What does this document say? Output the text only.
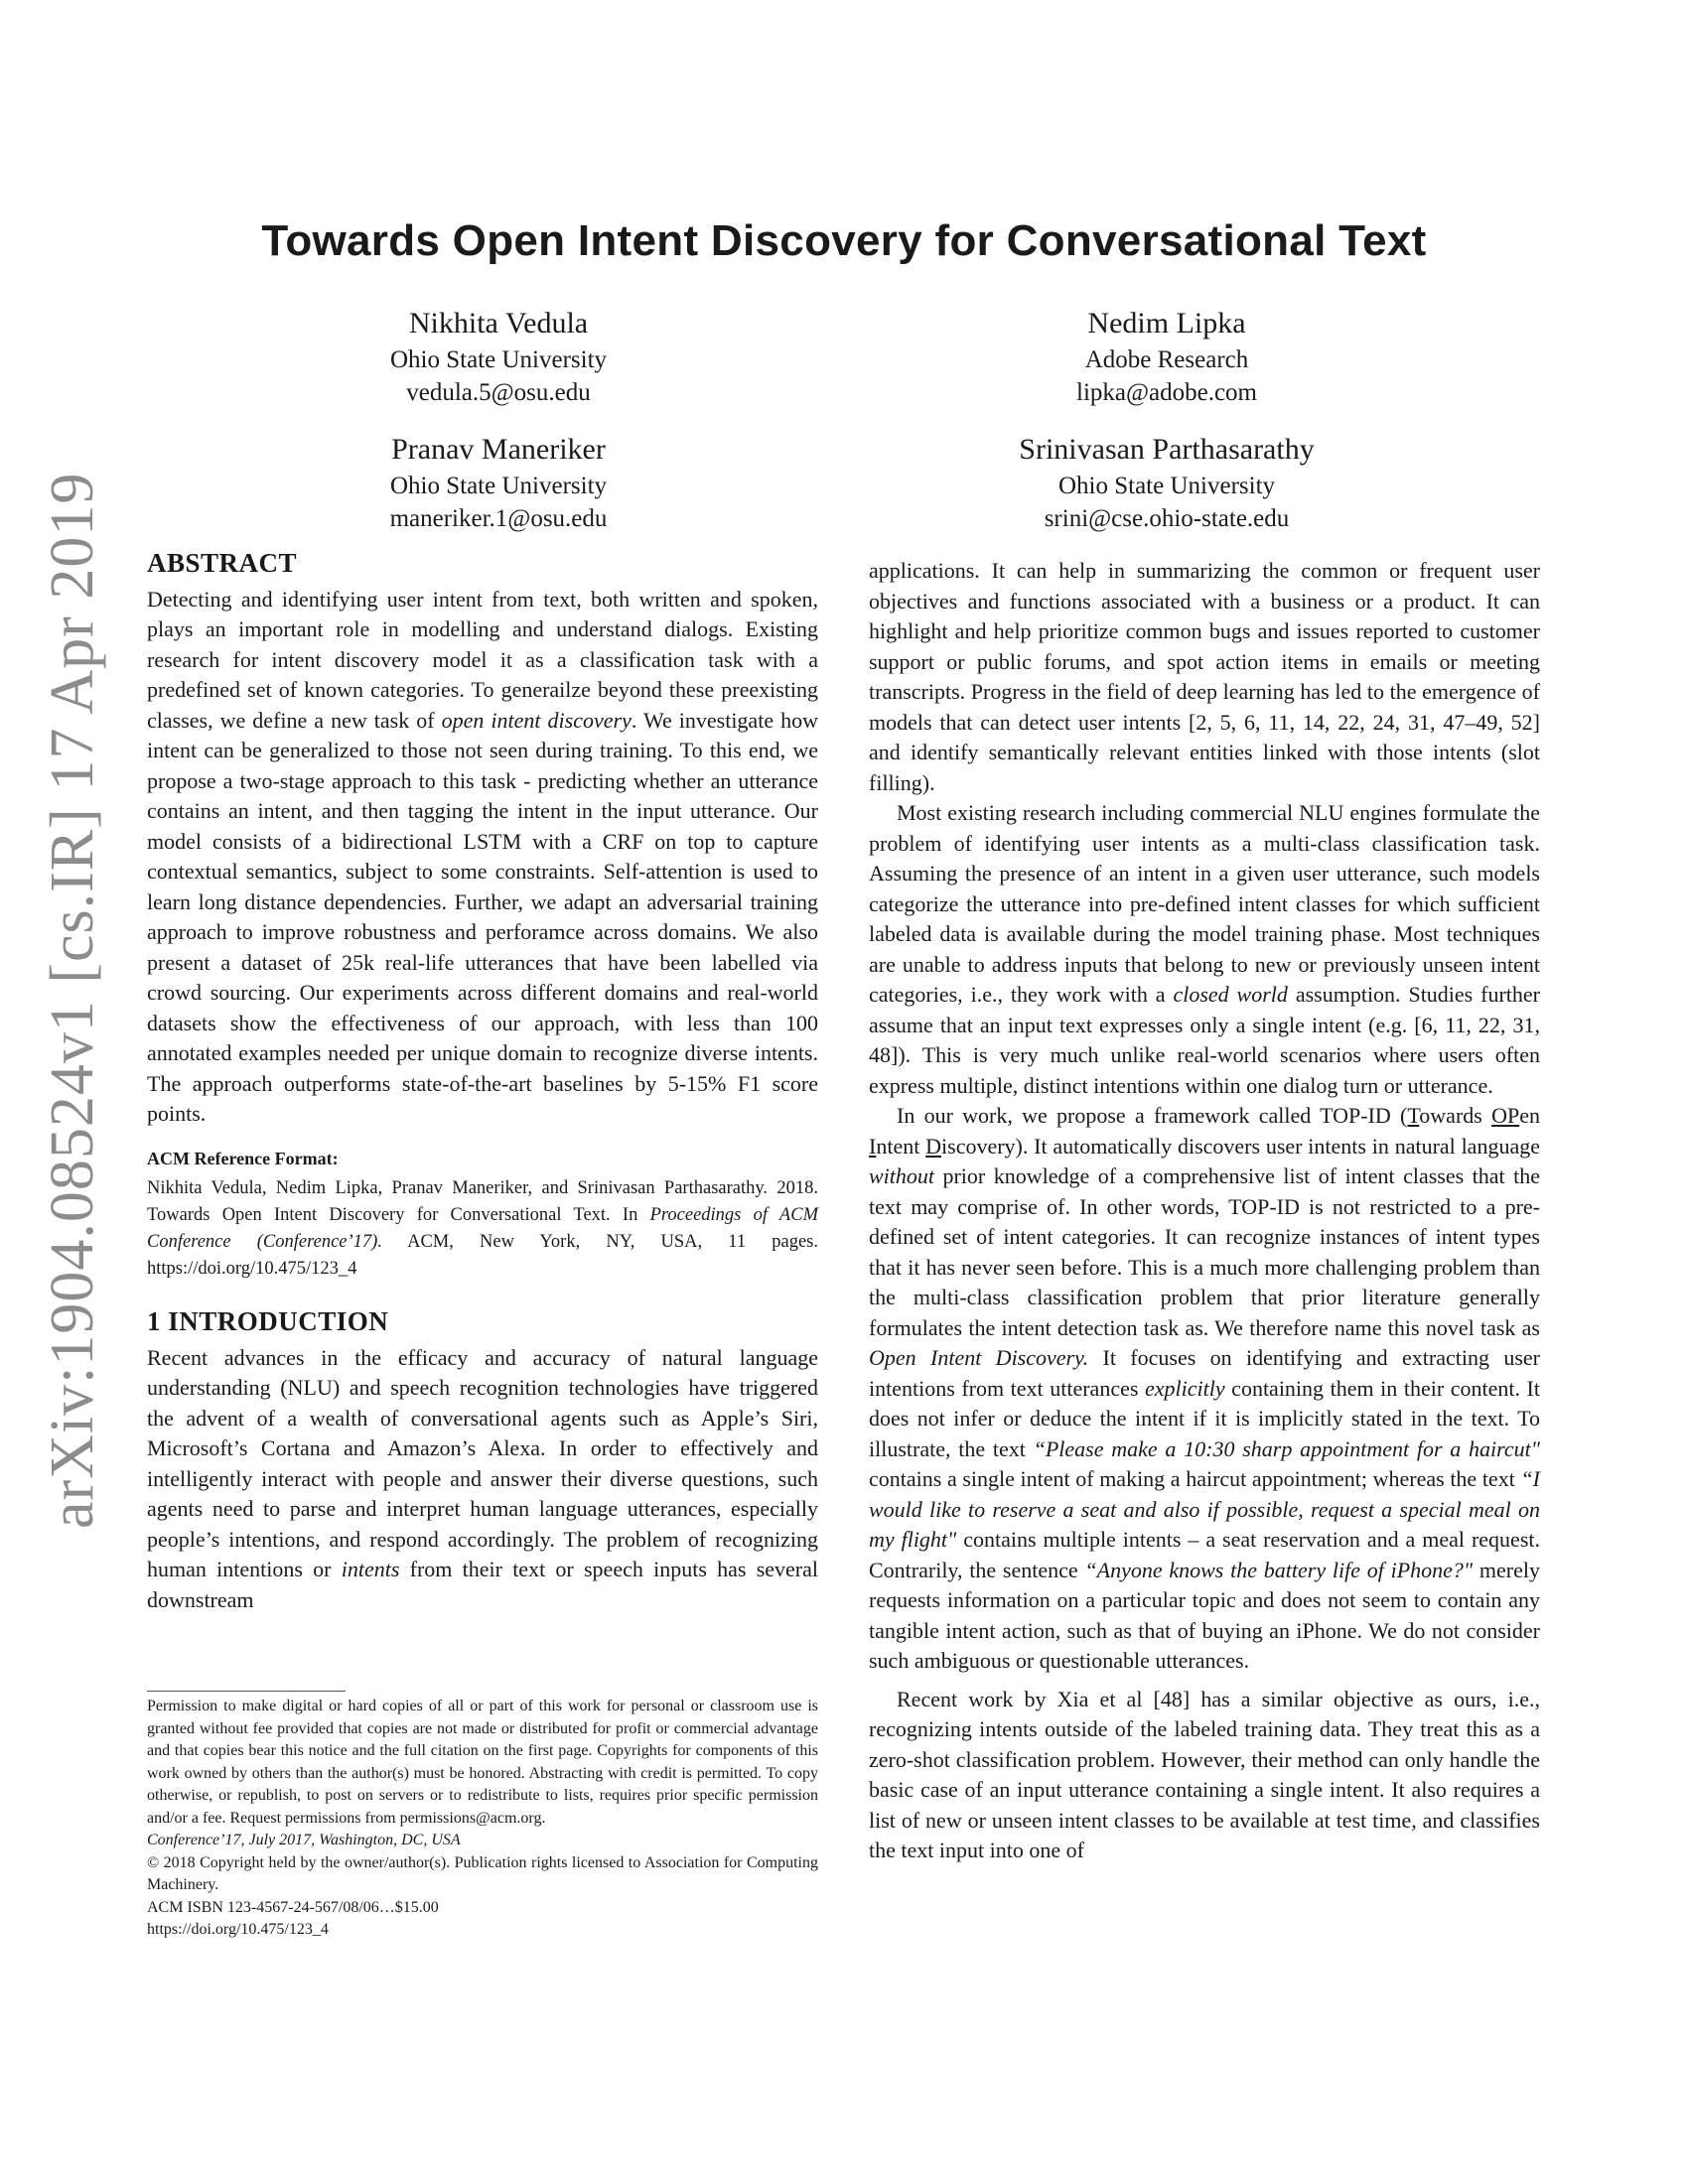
arXiv:1904.08524v1 [cs.IR] 17 Apr 2019
Towards Open Intent Discovery for Conversational Text
Nikhita Vedula
Ohio State University
vedula.5@osu.edu
Nedim Lipka
Adobe Research
lipka@adobe.com
Pranav Maneriker
Ohio State University
maneriker.1@osu.edu
Srinivasan Parthasarathy
Ohio State University
srini@cse.ohio-state.edu
ABSTRACT

Detecting and identifying user intent from text, both written and spoken, plays an important role in modelling and understand dialogs. Existing research for intent discovery model it as a classification task with a predefined set of known categories. To generailze beyond these preexisting classes, we define a new task of open intent discovery. We investigate how intent can be generalized to those not seen during training. To this end, we propose a two-stage approach to this task - predicting whether an utterance contains an intent, and then tagging the intent in the input utterance. Our model consists of a bidirectional LSTM with a CRF on top to capture contextual semantics, subject to some constraints. Self-attention is used to learn long distance dependencies. Further, we adapt an adversarial training approach to improve robustness and perforamce across domains. We also present a dataset of 25k real-life utterances that have been labelled via crowd sourcing. Our experiments across different domains and real-world datasets show the effectiveness of our approach, with less than 100 annotated examples needed per unique domain to recognize diverse intents. The approach outperforms state-of-the-art baselines by 5-15% F1 score points.

ACM Reference Format:
Nikhita Vedula, Nedim Lipka, Pranav Maneriker, and Srinivasan Parthasarathy. 2018. Towards Open Intent Discovery for Conversational Text. In Proceedings of ACM Conference (Conference’17). ACM, New York, NY, USA, 11 pages. https://doi.org/10.475/123_4
1 INTRODUCTION

Recent advances in the efficacy and accuracy of natural language understanding (NLU) and speech recognition technologies have triggered the advent of a wealth of conversational agents such as Apple’s Siri, Microsoft’s Cortana and Amazon’s Alexa. In order to effectively and intelligently interact with people and answer their diverse questions, such agents need to parse and interpret human language utterances, especially people’s intentions, and respond accordingly. The problem of recognizing human intentions or intents from their text or speech inputs has several downstream

Permission to make digital or hard copies of all or part of this work for personal or classroom use is granted without fee provided that copies are not made or distributed for profit or commercial advantage and that copies bear this notice and the full citation on the first page. Copyrights for components of this work owned by others than the author(s) must be honored. Abstracting with credit is permitted. To copy otherwise, or republish, to post on servers or to redistribute to lists, requires prior specific permission and/or a fee. Request permissions from permissions@acm.org.
Conference’17, July 2017, Washington, DC, USA
© 2018 Copyright held by the owner/author(s). Publication rights licensed to Association for Computing Machinery.
ACM ISBN 123-4567-24-567/08/06…$15.00
https://doi.org/10.475/123_4

applications. It can help in summarizing the common or frequent user objectives and functions associated with a business or a product. It can highlight and help prioritize common bugs and issues reported to customer support or public forums, and spot action items in emails or meeting transcripts. Progress in the field of deep learning has led to the emergence of models that can detect user intents [2, 5, 6, 11, 14, 22, 24, 31, 47–49, 52] and identify semantically relevant entities linked with those intents (slot filling).

Most existing research including commercial NLU engines formulate the problem of identifying user intents as a multi-class classification task. Assuming the presence of an intent in a given user utterance, such models categorize the utterance into pre-defined intent classes for which sufficient labeled data is available during the model training phase. Most techniques are unable to address inputs that belong to new or previously unseen intent categories, i.e., they work with a closed world assumption. Studies further assume that an input text expresses only a single intent (e.g. [6, 11, 22, 31, 48]). This is very much unlike real-world scenarios where users often express multiple, distinct intentions within one dialog turn or utterance.

In our work, we propose a framework called TOP-ID (Towards OPen Intent Discovery). It automatically discovers user intents in natural language without prior knowledge of a comprehensive list of intent classes that the text may comprise of. In other words, TOP-ID is not restricted to a pre-defined set of intent categories. It can recognize instances of intent types that it has never seen before. This is a much more challenging problem than the multi-class classification problem that prior literature generally formulates the intent detection task as. We therefore name this novel task as Open Intent Discovery. It focuses on identifying and extracting user intentions from text utterances explicitly containing them in their content. It does not infer or deduce the intent if it is implicitly stated in the text. To illustrate, the text “Please make a 10:30 sharp appointment for a haircut" contains a single intent of making a haircut appointment; whereas the text “I would like to reserve a seat and also if possible, request a special meal on my flight" contains multiple intents – a seat reservation and a meal request. Contrarily, the sentence “Anyone knows the battery life of iPhone?" merely requests information on a particular topic and does not seem to contain any tangible intent action, such as that of buying an iPhone. We do not consider such ambiguous or questionable utterances.

Recent work by Xia et al [48] has a similar objective as ours, i.e., recognizing intents outside of the labeled training data. They treat this as a zero-shot classification problem. However, their method can only handle the basic case of an input utterance containing a single intent. It also requires a list of new or unseen intent classes to be available at test time, and classifies the text input into one of
